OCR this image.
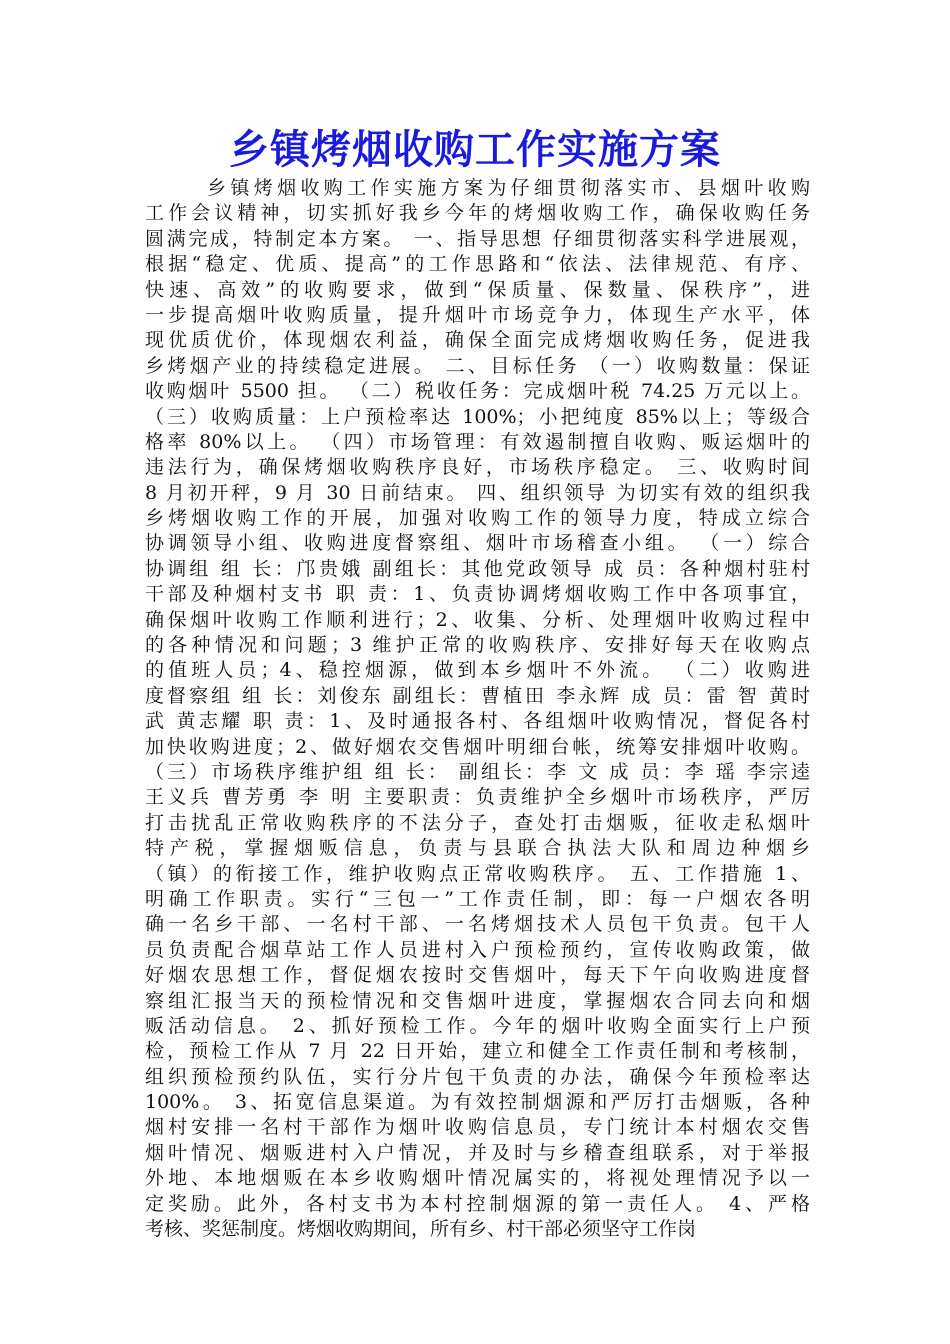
乡镇烤烟收购工作实施方案
乡镇烤烟收购工作实施方案为仔细贯彻落实市、县烟叶收购
工作会议精神，切实抓好我乡今年的烤烟收购工作，确保收购任务
圆满完成，特制定本方案。 一、指导思想 仔细贯彻落实科学进展观，
根据“稳定、优质、提高”的工作思路和“依法、法律规范、有序、
快速、高效”的收购要求，做到“保质量、保数量、保秩序”，进
一步提高烟叶收购质量，提升烟叶市场竞争力，体现生产水平，体
现优质优价，体现烟农利益，确保全面完成烤烟收购任务，促进我
乡烤烟产业的持续稳定进展。 二、目标任务 （一）收购数量：保证
收购烟叶 5500 担。 （二）税收任务：完成烟叶税 74.25 万元以上。
（三）收购质量：上户预检率达 100%；小把纯度 85%以上；等级合
格率 80%以上。 （四）市场管理：有效遏制擅自收购、贩运烟叶的
违法行为，确保烤烟收购秩序良好，市场秩序稳定。 三、收购时间
8 月初开秤，9 月 30 日前结束。 四、组织领导 为切实有效的组织我
乡烤烟收购工作的开展，加强对收购工作的领导力度，特成立综合
协调领导小组、收购进度督察组、烟叶市场稽查小组。 （一）综合
协调组 组 长：邝贵娥 副组长：其他党政领导 成 员：各种烟村驻村
干部及种烟村支书 职 责：1、负责协调烤烟收购工作中各项事宜，
确保烟叶收购工作顺利进行；2、收集、分析、处理烟叶收购过程中
的各种情况和问题；3 维护正常的收购秩序、安排好每天在收购点
的值班人员；4、稳控烟源，做到本乡烟叶不外流。 （二）收购进
度督察组 组 长：刘俊东 副组长：曹植田 李永辉 成 员：雷 智 黄时
武 黄志耀 职 责：1、及时通报各村、各组烟叶收购情况，督促各村
加快收购进度；2、做好烟农交售烟叶明细台帐，统筹安排烟叶收购。
（三）市场秩序维护组 组 长： 副组长：李 文 成 员：李 瑶 李宗逵
王义兵 曹芳勇 李 明 主要职责：负责维护全乡烟叶市场秩序，严厉
打击扰乱正常收购秩序的不法分子，查处打击烟贩，征收走私烟叶
特产税，掌握烟贩信息，负责与县联合执法大队和周边种烟乡
（镇）的衔接工作，维护收购点正常收购秩序。 五、工作措施 1、
明确工作职责。实行“三包一”工作责任制，即：每一户烟农各明
确一名乡干部、一名村干部、一名烤烟技术人员包干负责。包干人
员负责配合烟草站工作人员进村入户预检预约，宣传收购政策，做
好烟农思想工作，督促烟农按时交售烟叶，每天下午向收购进度督
察组汇报当天的预检情况和交售烟叶进度，掌握烟农合同去向和烟
贩活动信息。 2、抓好预检工作。今年的烟叶收购全面实行上户预
检，预检工作从 7 月 22 日开始，建立和健全工作责任制和考核制，
组织预检预约队伍，实行分片包干负责的办法，确保今年预检率达
100%。 3、拓宽信息渠道。为有效控制烟源和严厉打击烟贩，各种
烟村安排一名村干部作为烟叶收购信息员，专门统计本村烟农交售
烟叶情况、烟贩进村入户情况，并及时与乡稽查组联系，对于举报
外地、本地烟贩在本乡收购烟叶情况属实的，将视处理情况予以一
定奖励。此外，各村支书为本村控制烟源的第一责任人。 4、严格
考核、奖惩制度。烤烟收购期间，所有乡、村干部必须坚守工作岗
